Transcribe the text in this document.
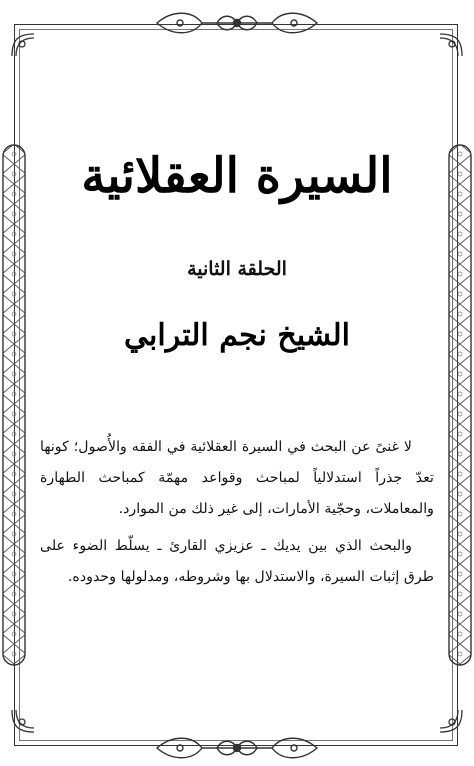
السيرة العقلائية
الحلقة الثانية
الشيخ نجم الترابي

لا غنىً عن البحث في السيرة العقلائية في الفقه والأُصول؛ كونها تعدّ جذراً استدلالياً لمباحث وقواعد مهمّة كمباحث الطهارة والمعاملات، وحجّية الأمارات، إلى غير ذلك من الموارد.

والبحث الذي بين يديك ـ عزيزي القارئ ـ يسلّط الضوء على طرق إثبات السيرة، والاستدلال بها وشروطه، ومدلولها وحدوده.
